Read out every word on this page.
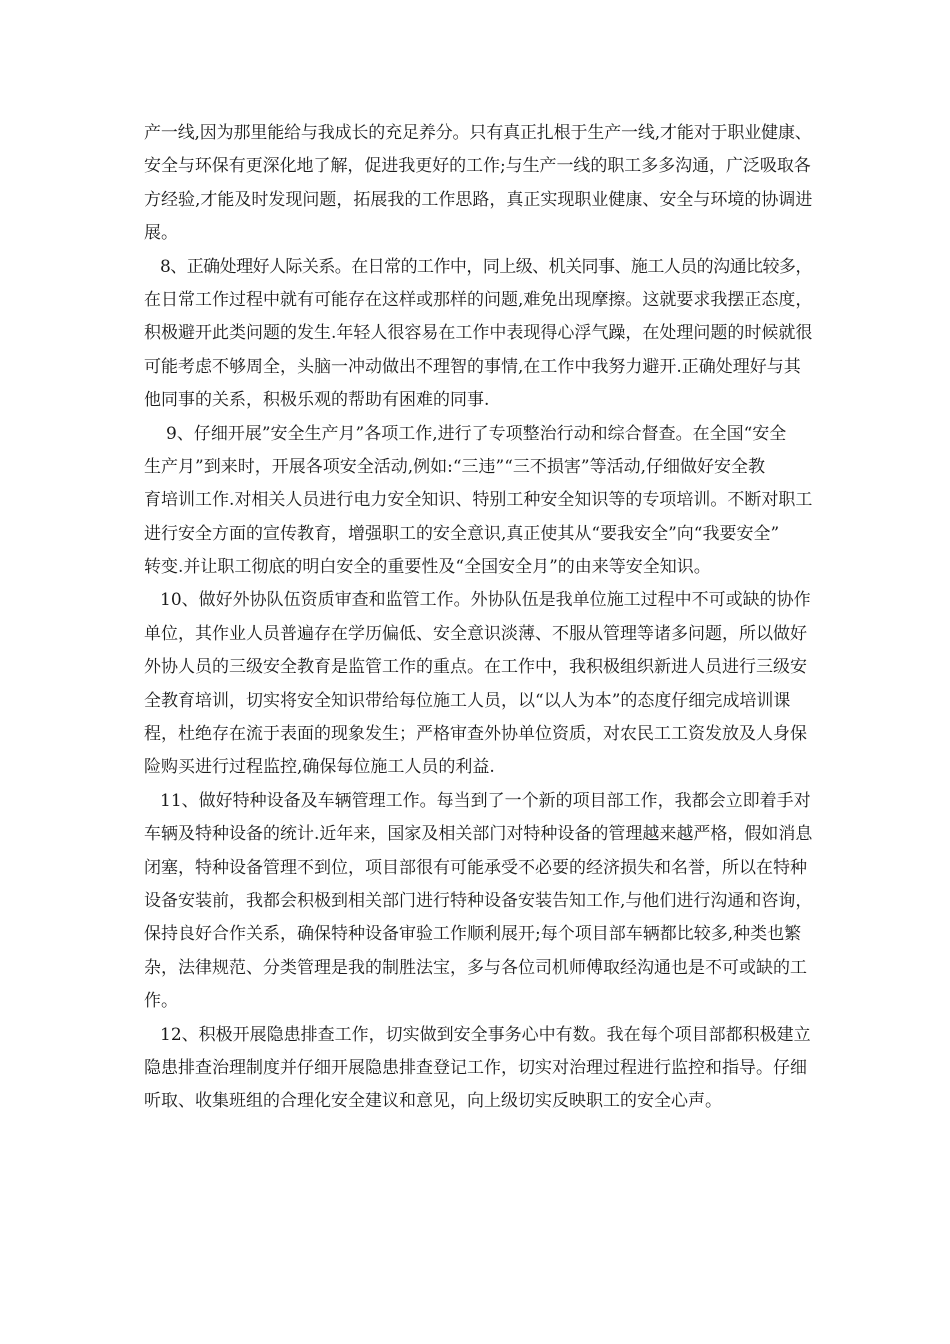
产一线,因为那里能给与我成长的充足养分。只有真正扎根于生产一线,才能对于职业健康、
安全与环保有更深化地了解，促进我更好的工作;与生产一线的职工多多沟通，广泛吸取各
方经验,才能及时发现问题，拓展我的工作思路，真正实现职业健康、安全与环境的协调进
展。
8、正确处理好人际关系。在日常的工作中，同上级、机关同事、施工人员的沟通比较多，
在日常工作过程中就有可能存在这样或那样的问题,难免出现摩擦。这就要求我摆正态度，
积极避开此类问题的发生.年轻人很容易在工作中表现得心浮气躁，在处理问题的时候就很
可能考虑不够周全，头脑一冲动做出不理智的事情,在工作中我努力避开.正确处理好与其
他同事的关系，积极乐观的帮助有困难的同事.
9、仔细开展”安全生产月”各项工作,进行了专项整治行动和综合督查。在全国“安全
生产月”到来时，开展各项安全活动,例如:“三违”“三不损害”等活动,仔细做好安全教
育培训工作.对相关人员进行电力安全知识、特别工种安全知识等的专项培训。不断对职工
进行安全方面的宣传教育，增强职工的安全意识,真正使其从“要我安全”向“我要安全”
转变.并让职工彻底的明白安全的重要性及“全国安全月”的由来等安全知识。
10、做好外协队伍资质审查和监管工作。外协队伍是我单位施工过程中不可或缺的协作
单位，其作业人员普遍存在学历偏低、安全意识淡薄、不服从管理等诸多问题，所以做好
外协人员的三级安全教育是监管工作的重点。在工作中，我积极组织新进人员进行三级安
全教育培训，切实将安全知识带给每位施工人员，以“以人为本”的态度仔细完成培训课
程，杜绝存在流于表面的现象发生；严格审查外协单位资质，对农民工工资发放及人身保
险购买进行过程监控,确保每位施工人员的利益.
11、做好特种设备及车辆管理工作。每当到了一个新的项目部工作，我都会立即着手对
车辆及特种设备的统计.近年来，国家及相关部门对特种设备的管理越来越严格，假如消息
闭塞，特种设备管理不到位，项目部很有可能承受不必要的经济损失和名誉，所以在特种
设备安装前，我都会积极到相关部门进行特种设备安装告知工作,与他们进行沟通和咨询，
保持良好合作关系，确保特种设备审验工作顺利展开;每个项目部车辆都比较多,种类也繁
杂，法律规范、分类管理是我的制胜法宝，多与各位司机师傅取经沟通也是不可或缺的工
作。
12、积极开展隐患排查工作，切实做到安全事务心中有数。我在每个项目部都积极建立
隐患排查治理制度并仔细开展隐患排查登记工作，切实对治理过程进行监控和指导。仔细
听取、收集班组的合理化安全建议和意见，向上级切实反映职工的安全心声。
